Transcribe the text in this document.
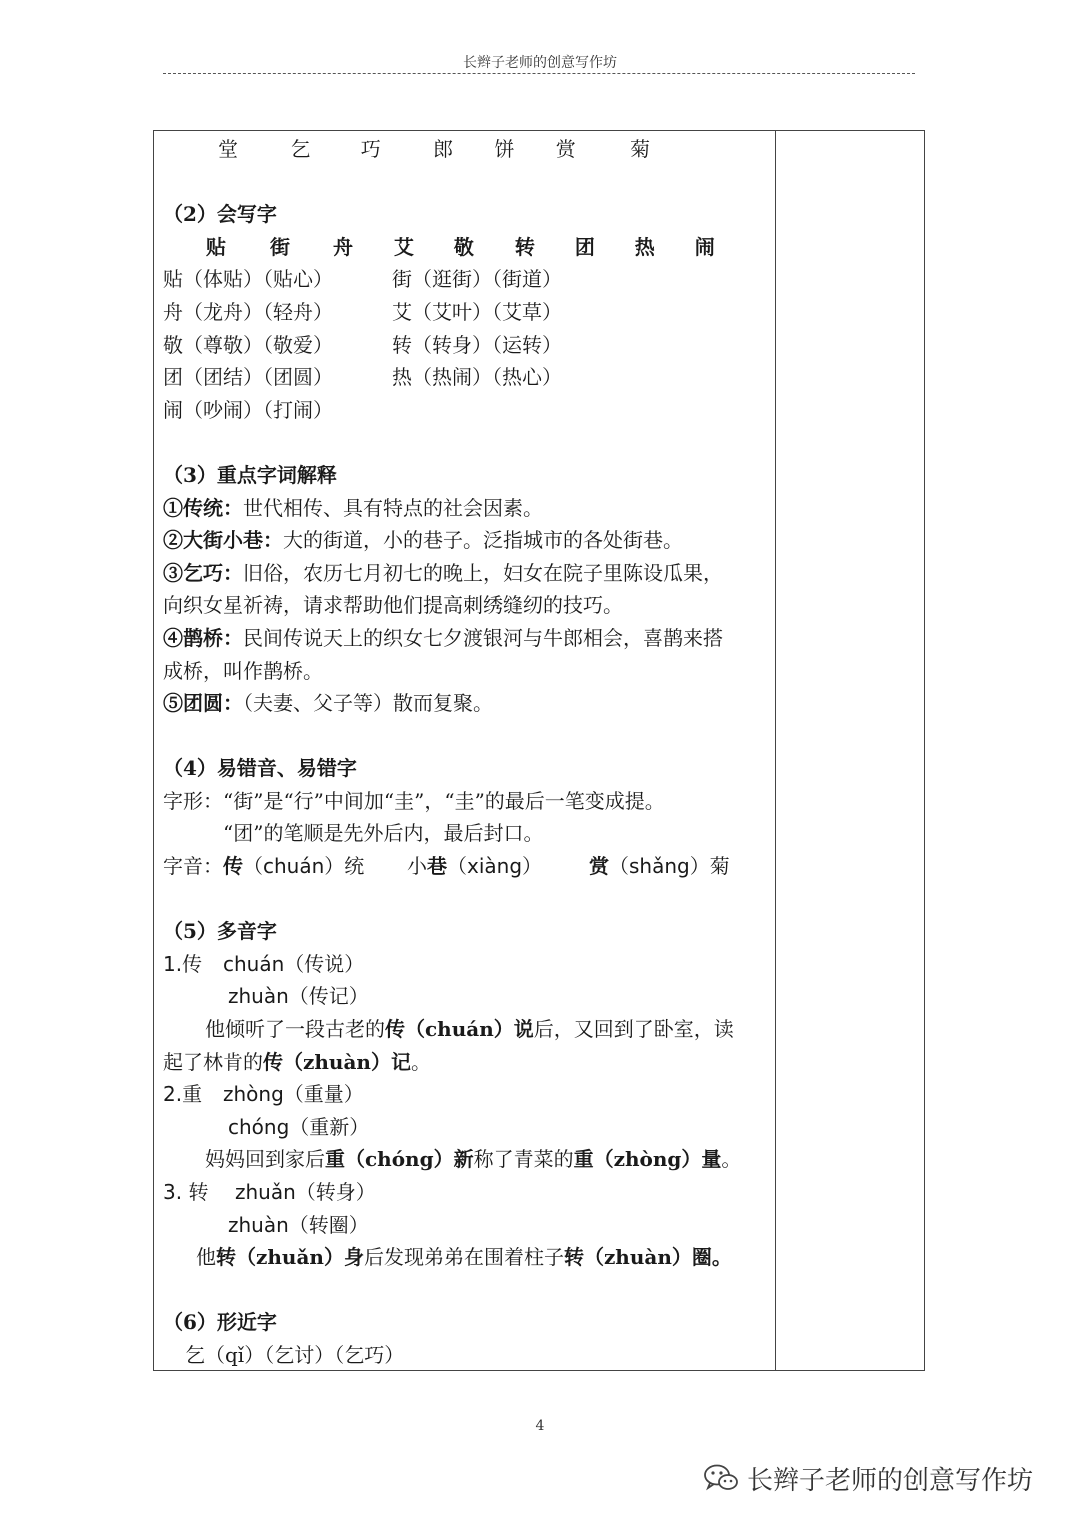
长辫子老师的创意写作坊
堂	乞	巧	郎 饼 赏	菊
（2）会写字
贴 街 舟 艾 敬 转 团 热 闹
贴（体贴）（贴心）	街（逛街）（街道）
舟（龙舟）（轻舟）	艾（艾叶）（艾草）
敬（尊敬）（敬爱）	转（转身）（运转）
团（团结）（团圆）	热（热闹）（热心）
闹（吵闹）（打闹）
（3）重点字词解释
①传统：世代相传、具有特点的社会因素。
②大街小巷：大的街道，小的巷子。泛指城市的各处街巷。
③乞巧：旧俗，农历七月初七的晚上，妇女在院子里陈设瓜果，
向织女星祈祷，请求帮助他们提高刺绣缝纫的技巧。
④鹊桥：民间传说天上的织女七夕渡银河与牛郎相会，喜鹊来搭
成桥，叫作鹊桥。
⑤团圆：（夫妻、父子等）散而复聚。
（4）易错音、易错字
字形：“街”是“行”中间加“圭”，“圭”的最后一笔变成提。
“团”的笔顺是先外后内，最后封口。
字音：传（chuán）统 小巷（xiàng） 赏（shǎng）菊
（5）多音字
1.传 chuán（传说）
zhuàn（传记）
他倾听了一段古老的传（chuán）说后，又回到了卧室，读
起了林肯的传（zhuàn）记。
2.重 zhòng（重量）
chóng（重新）
妈妈回到家后重（chóng）新称了青菜的重（zhòng）量。
3. 转 zhuǎn（转身）
zhuàn（转圈）
他转（zhuǎn）身后发现弟弟在围着柱子转（zhuàn）圈。
（6）形近字
乞（qǐ）（乞讨）（乞巧）
4
长辫子老师的创意写作坊
